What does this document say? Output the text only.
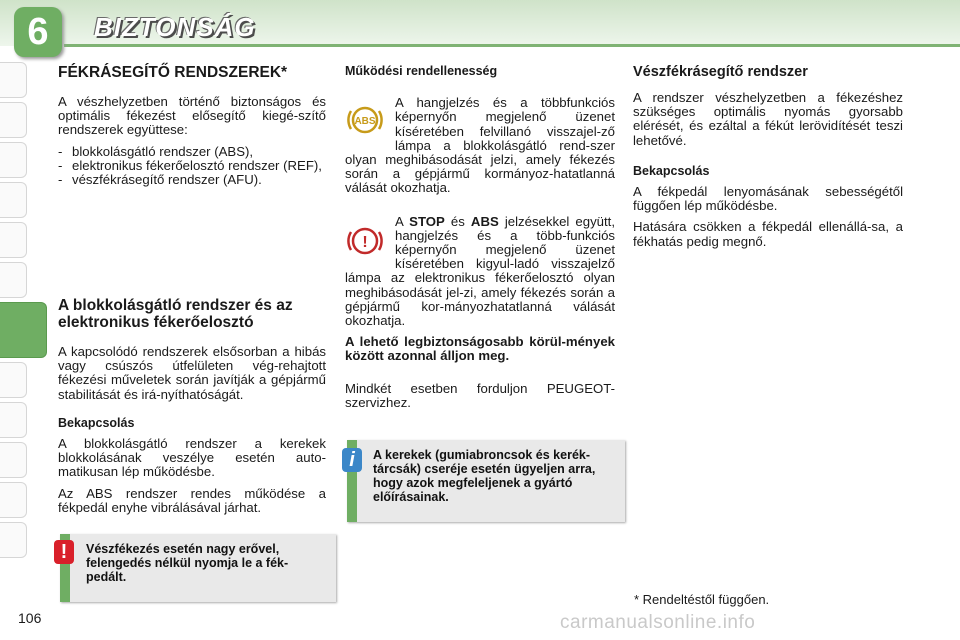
6	BIZTONSÁG
FÉKRÁSEGÍTŐ RENDSZEREK*

A vészhelyzetben történő biztonságos és optimális fékezést elősegítő kiegé-szítő rendszerek együttese:

- blokkolásgátló rendszer (ABS),
- elektronikus fékerőelosztó rendszer (REF),
- vészfékrásegítő rendszer (AFU).
A blokkolásgátló rendszer és az elektronikus fékerőelosztó

A kapcsolódó rendszerek elsősorban a hibás vagy csúszós útfelületen vég-rehajtott fékezési műveletek során javítják a gépjármű stabilitását és irá-nyíthatóságát.

Bekapcsolás

A blokkolásgátló rendszer a kerekek blokkolásának veszélye esetén auto-matikusan lép működésbe.

Az ABS rendszer rendes működése a fékpedál enyhe vibrálásával járhat.

Vészfékezés esetén nagy erővel, felengedés nélkül nyomja le a fék-pedált.
!
Működési rendellenesség
ABS

A hangjelzés és a többfunkciós képernyőn megjelenő üzenet kíséretében felvillanó visszajel-ző lámpa a blokkolásgátló rend-szer olyan meghibásodását jelzi, amely fékezés során a gépjármű kormányoz-hatatlanná válását okozhatja.

!

A STOP és ABS jelzésekkel együtt, hangjelzés és a több-funkciós képernyőn megjelenő üzenet kíséretében kigyul-ladó visszajelző lámpa az elektronikus fékerőelosztó olyan meghibásodását jel-zi, amely fékezés során a gépjármű kor-mányozhatatlanná válását okozhatja.

A lehető legbiztonságosabb körül-mények között azonnal álljon meg.

Mindkét esetben forduljon PEUGEOT-szervizhez.

A kerekek (gumiabroncsok és kerék-tárcsák) cseréje esetén ügyeljen arra, hogy azok megfeleljenek a gyártó előírásainak.
i
Vészfékrásegítő rendszer

A rendszer vészhelyzetben a fékezéshez szükséges optimális nyomás gyorsabb elérését, és ezáltal a fékút lerövidítését teszi lehetővé.

Bekapcsolás

A fékpedál lenyomásának sebességétől függően lép működésbe.

Hatására csökken a fékpedál ellenállá-sa, a fékhatás pedig megnő.

* Rendeltéstől függően.
106	carmanualsonline.info
